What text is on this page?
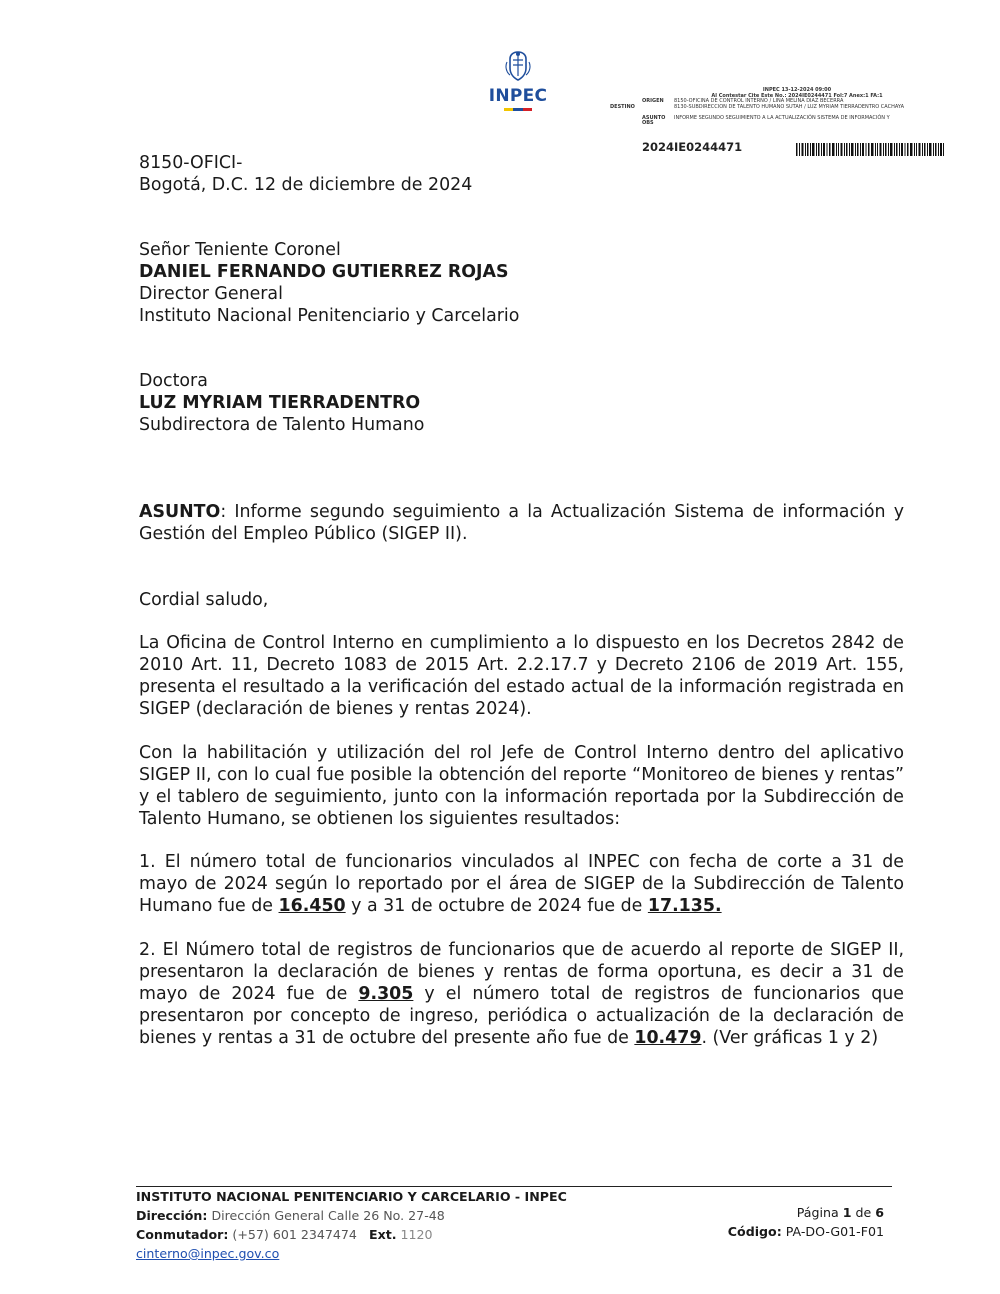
INPEC	INPEC 13-12-2024 09:00
Al Contestar Cite Este No.: 2024IE0244471 Fol:7 Anex:1 FA:1
ORIGEN 8150-OFICINA DE CONTROL INTERNO / LINA MELINA DIAZ BECERRA
DESTINO	8130-SUBDIRECCION DE TALENTO HUMANO SUTAH / LUZ MYRIAM TIERRADENTRO CACHAYA
ASUNTO INFORME SEGUNDO SEGUIMIENTO A LA ACTUALIZACIÓN SISTEMA DE INFORMACIÓN Y
OBS
2024IE0244471

8150-OFICI-

Bogotá, D.C. 12 de diciembre de 2024

Señor Teniente Coronel

DANIEL FERNANDO GUTIERREZ ROJAS

Director General

Instituto Nacional Penitenciario y Carcelario

Doctora

LUZ MYRIAM TIERRADENTRO

Subdirectora de Talento Humano

ASUNTO: Informe segundo seguimiento a la Actualización Sistema de información y Gestión del Empleo Público (SIGEP II).

Cordial saludo,

La Oficina de Control Interno en cumplimiento a lo dispuesto en los Decretos 2842 de 2010 Art. 11, Decreto 1083 de 2015 Art. 2.2.17.7 y Decreto 2106 de 2019 Art. 155, presenta el resultado a la verificación del estado actual de la información registrada en SIGEP (declaración de bienes y rentas 2024).

Con la habilitación y utilización del rol Jefe de Control Interno dentro del aplicativo SIGEP II, con lo cual fue posible la obtención del reporte “Monitoreo de bienes y rentas” y el tablero de seguimiento, junto con la información reportada por la Subdirección de Talento Humano, se obtienen los siguientes resultados:

1. El número total de funcionarios vinculados al INPEC con fecha de corte a 31 de mayo de 2024 según lo reportado por el área de SIGEP de la Subdirección de Talento Humano fue de 16.450 y a 31 de octubre de 2024 fue de 17.135.

2. El Número total de registros de funcionarios que de acuerdo al reporte de SIGEP II, presentaron la declaración de bienes y rentas de forma oportuna, es decir a 31 de mayo de 2024 fue de 9.305 y el número total de registros de funcionarios que presentaron por concepto de ingreso, periódica o actualización de la declaración de bienes y rentas a 31 de octubre del presente año fue de 10.479. (Ver gráficas 1 y 2)

INSTITUTO NACIONAL PENITENCIARIO Y CARCELARIO - INPEC
Dirección: Dirección General Calle 26 No. 27-48
Conmutador: (+57) 601 2347474 Ext. 1120
cinterno@inpec.gov.co
Página 1 de 6
Código: PA-DO-G01-F01
